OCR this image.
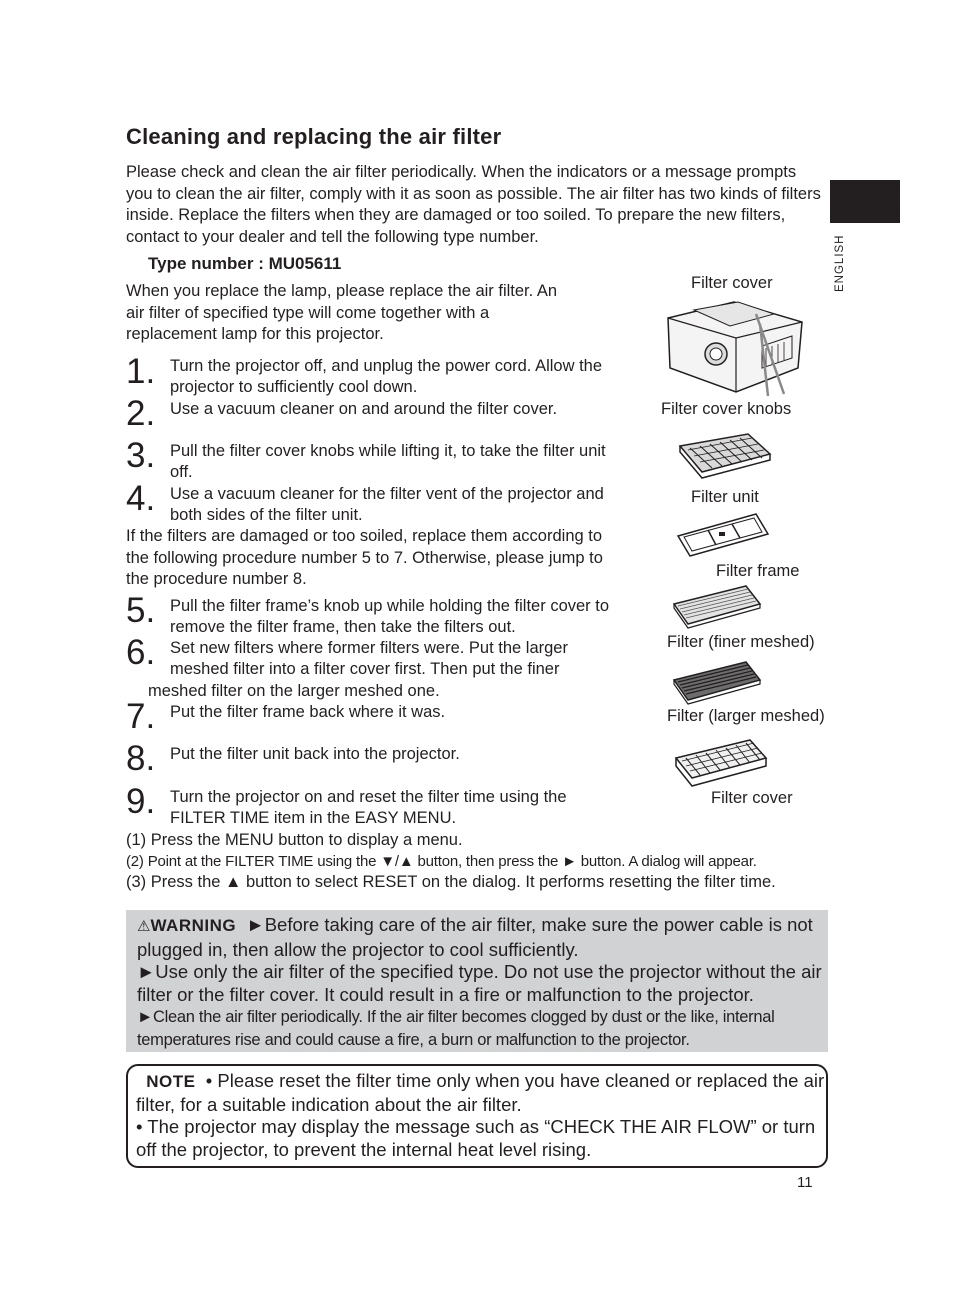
Cleaning and replacing the air filter
Please check and clean the air filter periodically. When the indicators or a message prompts you to clean the air filter, comply with it as soon as possible. The air filter has two kinds of filters inside. Replace the filters when they are damaged or too soiled. To prepare the new filters, contact to your dealer and tell the following type number.	ENGLISH
Type number : MU05611
When you replace the lamp, please replace the air filter. An air filter of specified type will come together with a replacement lamp for this projector.
1. Turn the projector off, and unplug the power cord. Allow the projector to sufficiently cool down.
2. Use a vacuum cleaner on and around the filter cover.
3. Pull the filter cover knobs while lifting it, to take the filter unit off.
4. Use a vacuum cleaner for the filter vent of the projector and both sides of the filter unit.
If the filters are damaged or too soiled, replace them according to the following procedure number 5 to 7. Otherwise, please jump to the procedure number 8.
5. Pull the filter frame’s knob up while holding the filter cover to remove the filter frame, then take the filters out.
6. Set new filters where former filters were. Put the larger meshed filter into a filter cover first. Then put the finer
meshed filter on the larger meshed one.
7. Put the filter frame back where it was.
8. Put the filter unit back into the projector.
9. Turn the projector on and reset the filter time using the FILTER TIME item in the EASY MENU.
(1) Press the MENU button to display a menu.
(2) Point at the FILTER TIME using the ▼/▲ button, then press the ► button. A dialog will appear.
(3) Press the ▲ button to select RESET on the dialog. It performs resetting the filter time.
Filter cover
Filter cover knobs
Filter unit
Filter frame
Filter (finer meshed)
Filter (larger meshed)
Filter cover
⚠WARNING ►Before taking care of the air filter, make sure the power cable is not plugged in, then allow the projector to cool sufficiently.
►Use only the air filter of the specified type. Do not use the projector without the air filter or the filter cover. It could result in a fire or malfunction to the projector.
►Clean the air filter periodically. If the air filter becomes clogged by dust or the like, internal temperatures rise and could cause a fire, a burn or malfunction to the projector.
NOTE • Please reset the filter time only when you have cleaned or replaced the air filter, for a suitable indication about the air filter.
• The projector may display the message such as “CHECK THE AIR FLOW” or turn off the projector, to prevent the internal heat level rising.
11
